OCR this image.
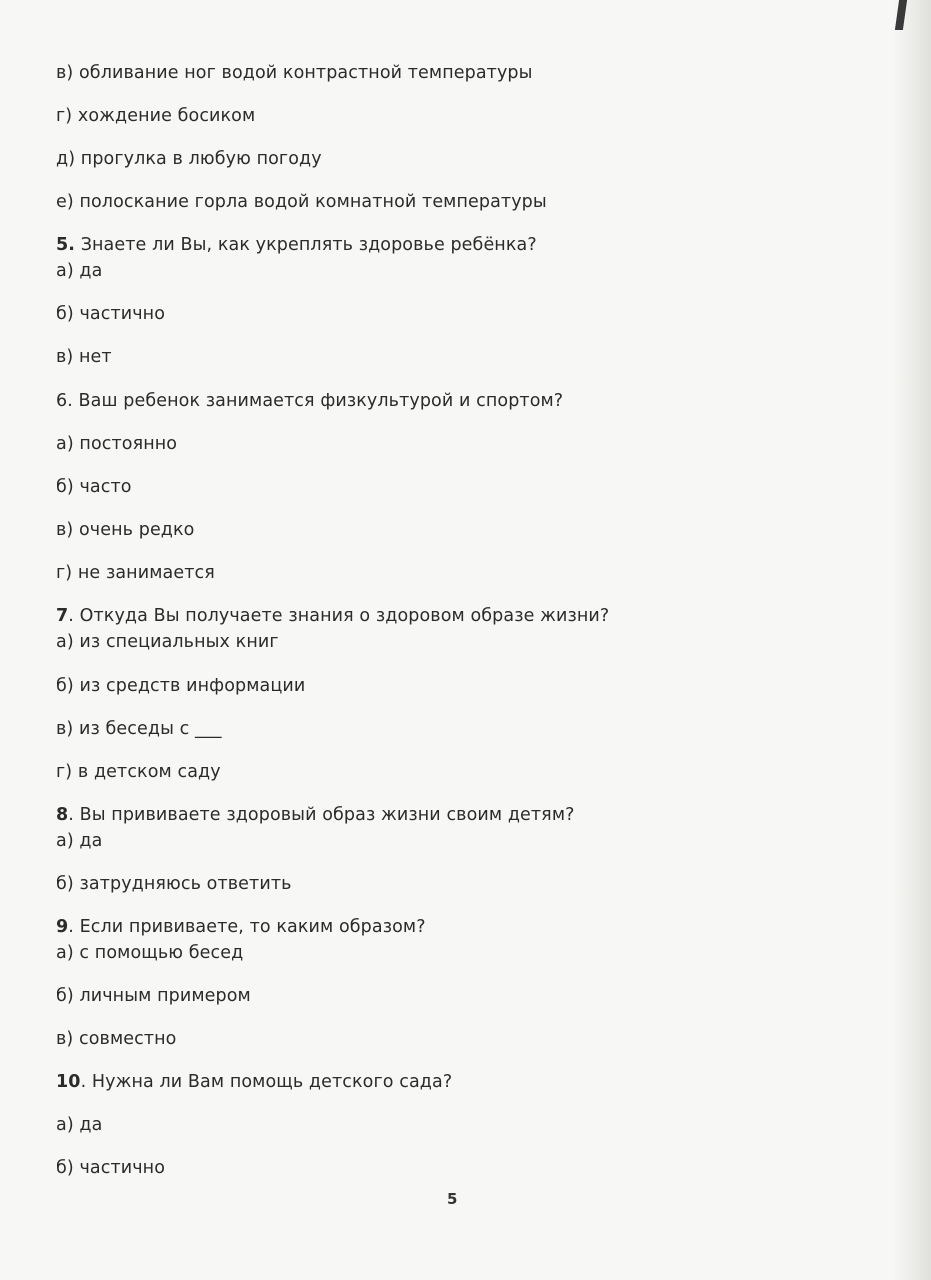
в) обливание ног водой контрастной температуры
г) хождение босиком
д) прогулка в любую погоду
е) полоскание горла водой комнатной температуры
5. Знаете ли Вы, как укреплять здоровье ребёнка?
а) да
б) частично
в) нет
6. Ваш ребенок занимается физкультурой и спортом?
а) постоянно
б) часто
в) очень редко
г) не занимается
7. Откуда Вы получаете знания о здоровом образе жизни?
а) из специальных книг
б) из средств информации
в) из беседы с ___
г) в детском саду
8. Вы прививаете здоровый образ жизни своим детям?
а) да
б) затрудняюсь ответить
9. Если прививаете, то каким образом?
а) с помощью бесед
б) личным примером
в) совместно
10. Нужна ли Вам помощь детского сада?
а) да
б) частично
5
